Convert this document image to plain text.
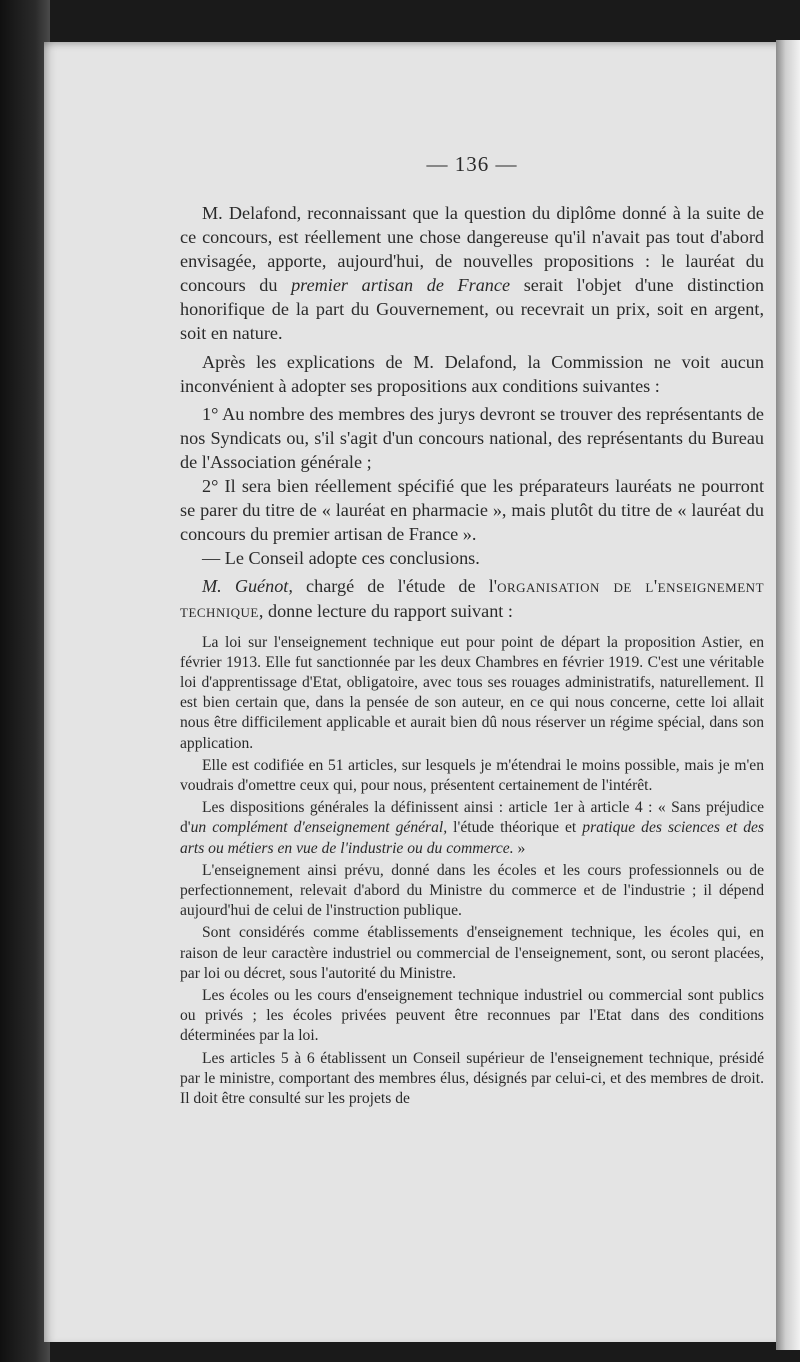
— 136 —

M. Delafond, reconnaissant que la question du diplôme donné à la suite de ce concours, est réellement une chose dangereuse qu'il n'avait pas tout d'abord envisagée, apporte, aujourd'hui, de nouvelles propositions : le lauréat du concours du premier artisan de France serait l'objet d'une distinction honorifique de la part du Gouvernement, ou recevrait un prix, soit en argent, soit en nature.

Après les explications de M. Delafond, la Commission ne voit aucun inconvénient à adopter ses propositions aux conditions suivantes :

1° Au nombre des membres des jurys devront se trouver des représentants de nos Syndicats ou, s'il s'agit d'un concours national, des représentants du Bureau de l'Association générale ;

2° Il sera bien réellement spécifié que les préparateurs lauréats ne pourront se parer du titre de « lauréat en pharmacie », mais plutôt du titre de « lauréat du concours du premier artisan de France ».

— Le Conseil adopte ces conclusions.

M. Guénot, chargé de l'étude de l'organisation de l'enseignement technique, donne lecture du rapport suivant :

La loi sur l'enseignement technique eut pour point de départ la proposition Astier, en février 1913. Elle fut sanctionnée par les deux Chambres en février 1919. C'est une véritable loi d'apprentissage d'Etat, obligatoire, avec tous ses rouages administratifs, naturellement. Il est bien certain que, dans la pensée de son auteur, en ce qui nous concerne, cette loi allait nous être difficilement applicable et aurait bien dû nous réserver un régime spécial, dans son application.

Elle est codifiée en 51 articles, sur lesquels je m'étendrai le moins possible, mais je m'en voudrais d'omettre ceux qui, pour nous, présentent certainement de l'intérêt.

Les dispositions générales la définissent ainsi : article 1er à article 4 : « Sans préjudice d'un complément d'enseignement général, l'étude théorique et pratique des sciences et des arts ou métiers en vue de l'industrie ou du commerce. »

L'enseignement ainsi prévu, donné dans les écoles et les cours professionnels ou de perfectionnement, relevait d'abord du Ministre du commerce et de l'industrie ; il dépend aujourd'hui de celui de l'instruction publique.

Sont considérés comme établissements d'enseignement technique, les écoles qui, en raison de leur caractère industriel ou commercial de l'enseignement, sont, ou seront placées, par loi ou décret, sous l'autorité du Ministre.

Les écoles ou les cours d'enseignement technique industriel ou commercial sont publics ou privés ; les écoles privées peuvent être reconnues par l'Etat dans des conditions déterminées par la loi.

Les articles 5 à 6 établissent un Conseil supérieur de l'enseignement technique, présidé par le ministre, comportant des membres élus, désignés par celui-ci, et des membres de droit. Il doit être consulté sur les projets de
